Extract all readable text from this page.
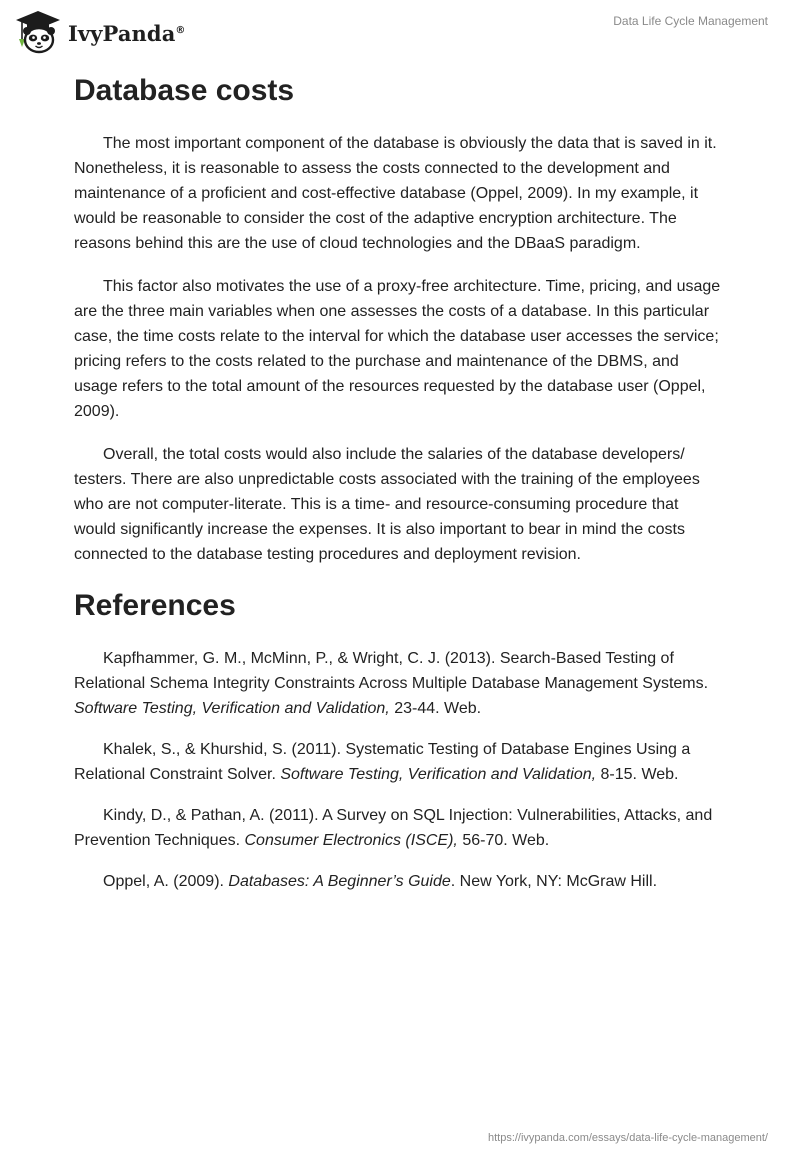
IvyPanda®
Data Life Cycle Management
Database costs

The most important component of the database is obviously the data that is saved in it. Nonetheless, it is reasonable to assess the costs connected to the development and maintenance of a proficient and cost-effective database (Oppel, 2009). In my example, it would be reasonable to consider the cost of the adaptive encryption architecture. The reasons behind this are the use of cloud technologies and the DBaaS paradigm.

This factor also motivates the use of a proxy-free architecture. Time, pricing, and usage are the three main variables when one assesses the costs of a database. In this particular case, the time costs relate to the interval for which the database user accesses the service; pricing refers to the costs related to the purchase and maintenance of the DBMS, and usage refers to the total amount of the resources requested by the database user (Oppel, 2009).

Overall, the total costs would also include the salaries of the database developers/ testers. There are also unpredictable costs associated with the training of the employees who are not computer-literate. This is a time- and resource-consuming procedure that would significantly increase the expenses. It is also important to bear in mind the costs connected to the database testing procedures and deployment revision.

References

Kapfhammer, G. M., McMinn, P., & Wright, C. J. (2013). Search-Based Testing of Relational Schema Integrity Constraints Across Multiple Database Management Systems. Software Testing, Verification and Validation, 23-44. Web.

Khalek, S., & Khurshid, S. (2011). Systematic Testing of Database Engines Using a Relational Constraint Solver. Software Testing, Verification and Validation, 8-15. Web.

Kindy, D., & Pathan, A. (2011). A Survey on SQL Injection: Vulnerabilities, Attacks, and Prevention Techniques. Consumer Electronics (ISCE), 56-70. Web.

Oppel, A. (2009). Databases: A Beginner’s Guide. New York, NY: McGraw Hill.

https://ivypanda.com/essays/data-life-cycle-management/
